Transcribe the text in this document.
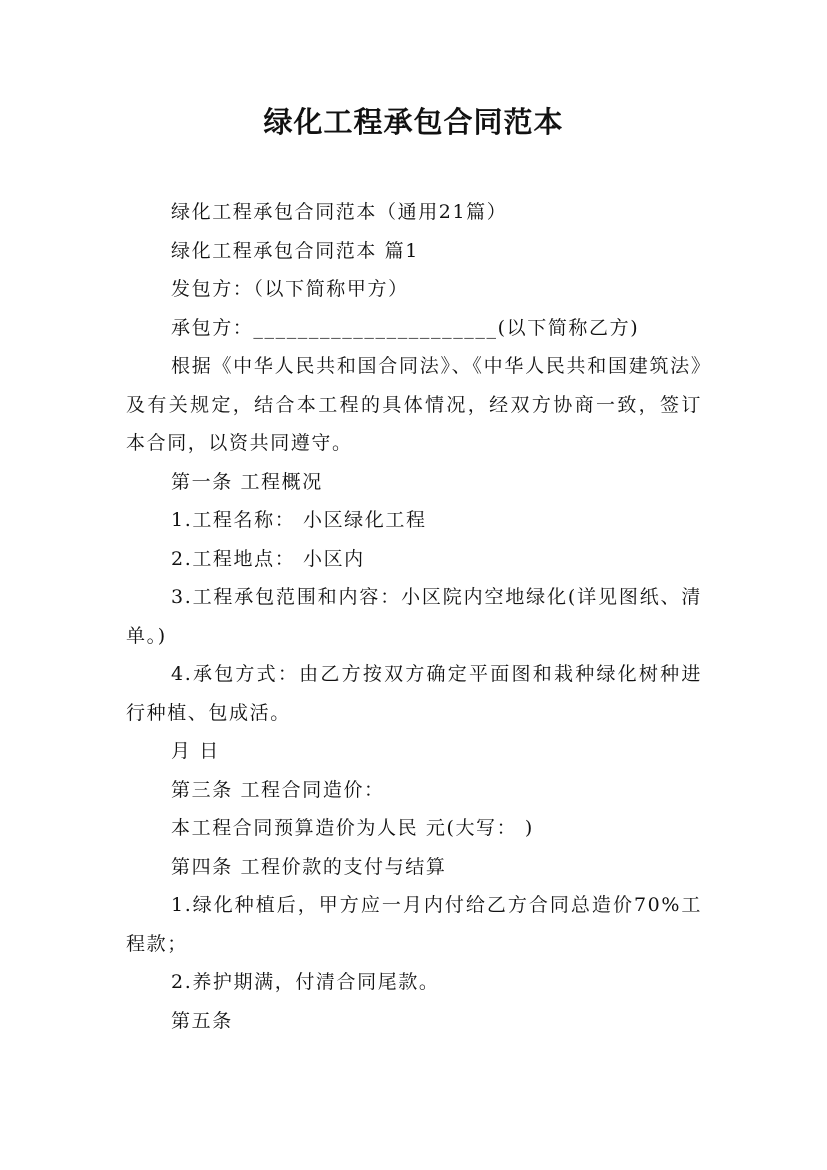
绿化工程承包合同范本

绿化工程承包合同范本（通用21篇）

绿化工程承包合同范本 篇1

发包方：（以下简称甲方）

承包方：______________________(以下简称乙方)

根据《中华人民共和国合同法》、《中华人民共和国建筑法》及有关规定，结合本工程的具体情况，经双方协商一致，签订本合同，以资共同遵守。

第一条 工程概况

1.工程名称： 小区绿化工程

2.工程地点： 小区内

3.工程承包范围和内容：小区院内空地绿化(详见图纸、清单。)

4.承包方式：由乙方按双方确定平面图和栽种绿化树种进行种植、包成活。

月 日

第三条 工程合同造价：

本工程合同预算造价为人民 元(大写： )

第四条 工程价款的支付与结算

1.绿化种植后，甲方应一月内付给乙方合同总造价70%工程款；

2.养护期满，付清合同尾款。

第五条
